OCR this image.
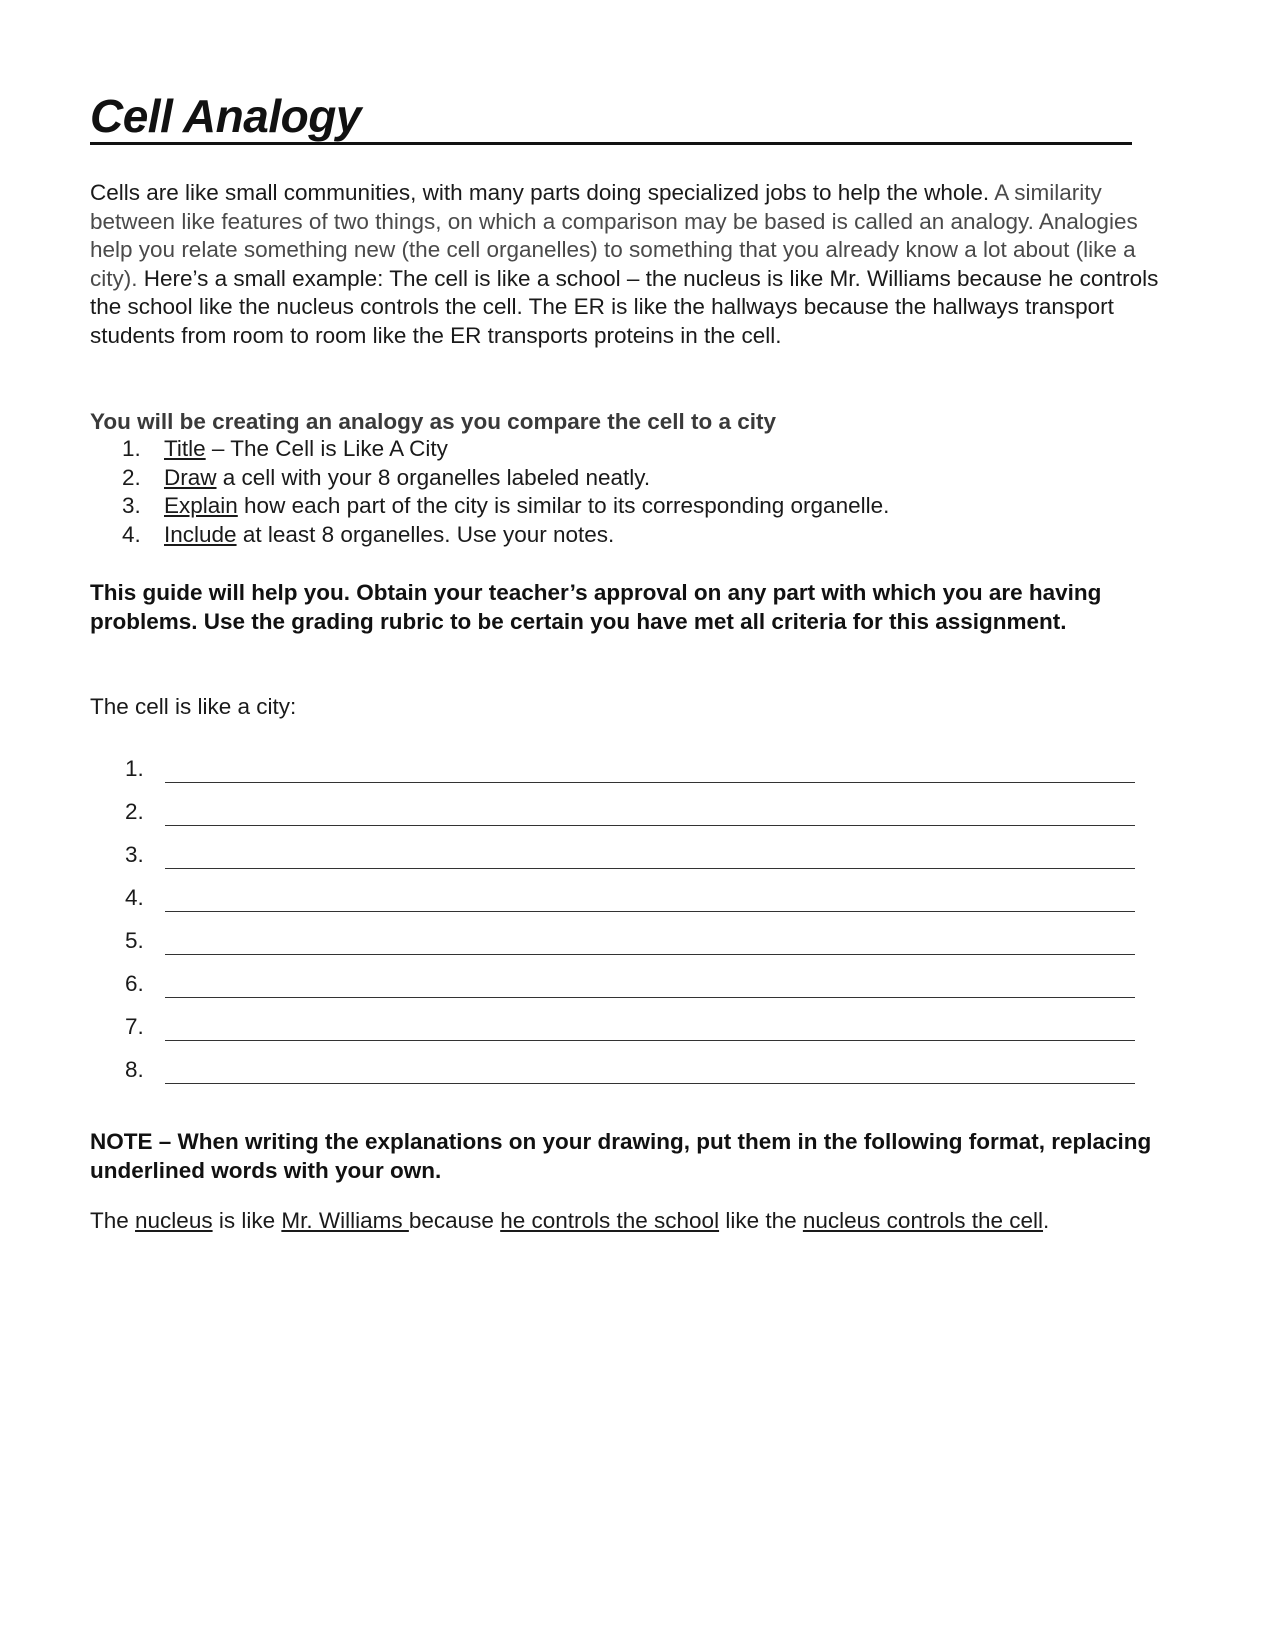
Cell Analogy
Cells are like small communities, with many parts doing specialized jobs to help the whole. A similarity between like features of two things, on which a comparison may be based is called an analogy. Analogies help you relate something new (the cell organelles) to something that you already know a lot about (like a city). Here’s a small example: The cell is like a school – the nucleus is like Mr. Williams because he controls the school like the nucleus controls the cell. The ER is like the hallways because the hallways transport students from room to room like the ER transports proteins in the cell.
You will be creating an analogy as you compare the cell to a city
1.	Title – The Cell is Like A City
2.	Draw a cell with your 8 organelles labeled neatly.
3.	Explain how each part of the city is similar to its corresponding organelle.
4.	Include at least 8 organelles. Use your notes.
This guide will help you. Obtain your teacher’s approval on any part with which you are having problems. Use the grading rubric to be certain you have met all criteria for this assignment.
The cell is like a city:
1.
2.
3.
4.
5.
6.
7.
8.
NOTE – When writing the explanations on your drawing, put them in the following format, replacing underlined words with your own.
The nucleus is like Mr. Williams because he controls the school like the nucleus controls the cell.
